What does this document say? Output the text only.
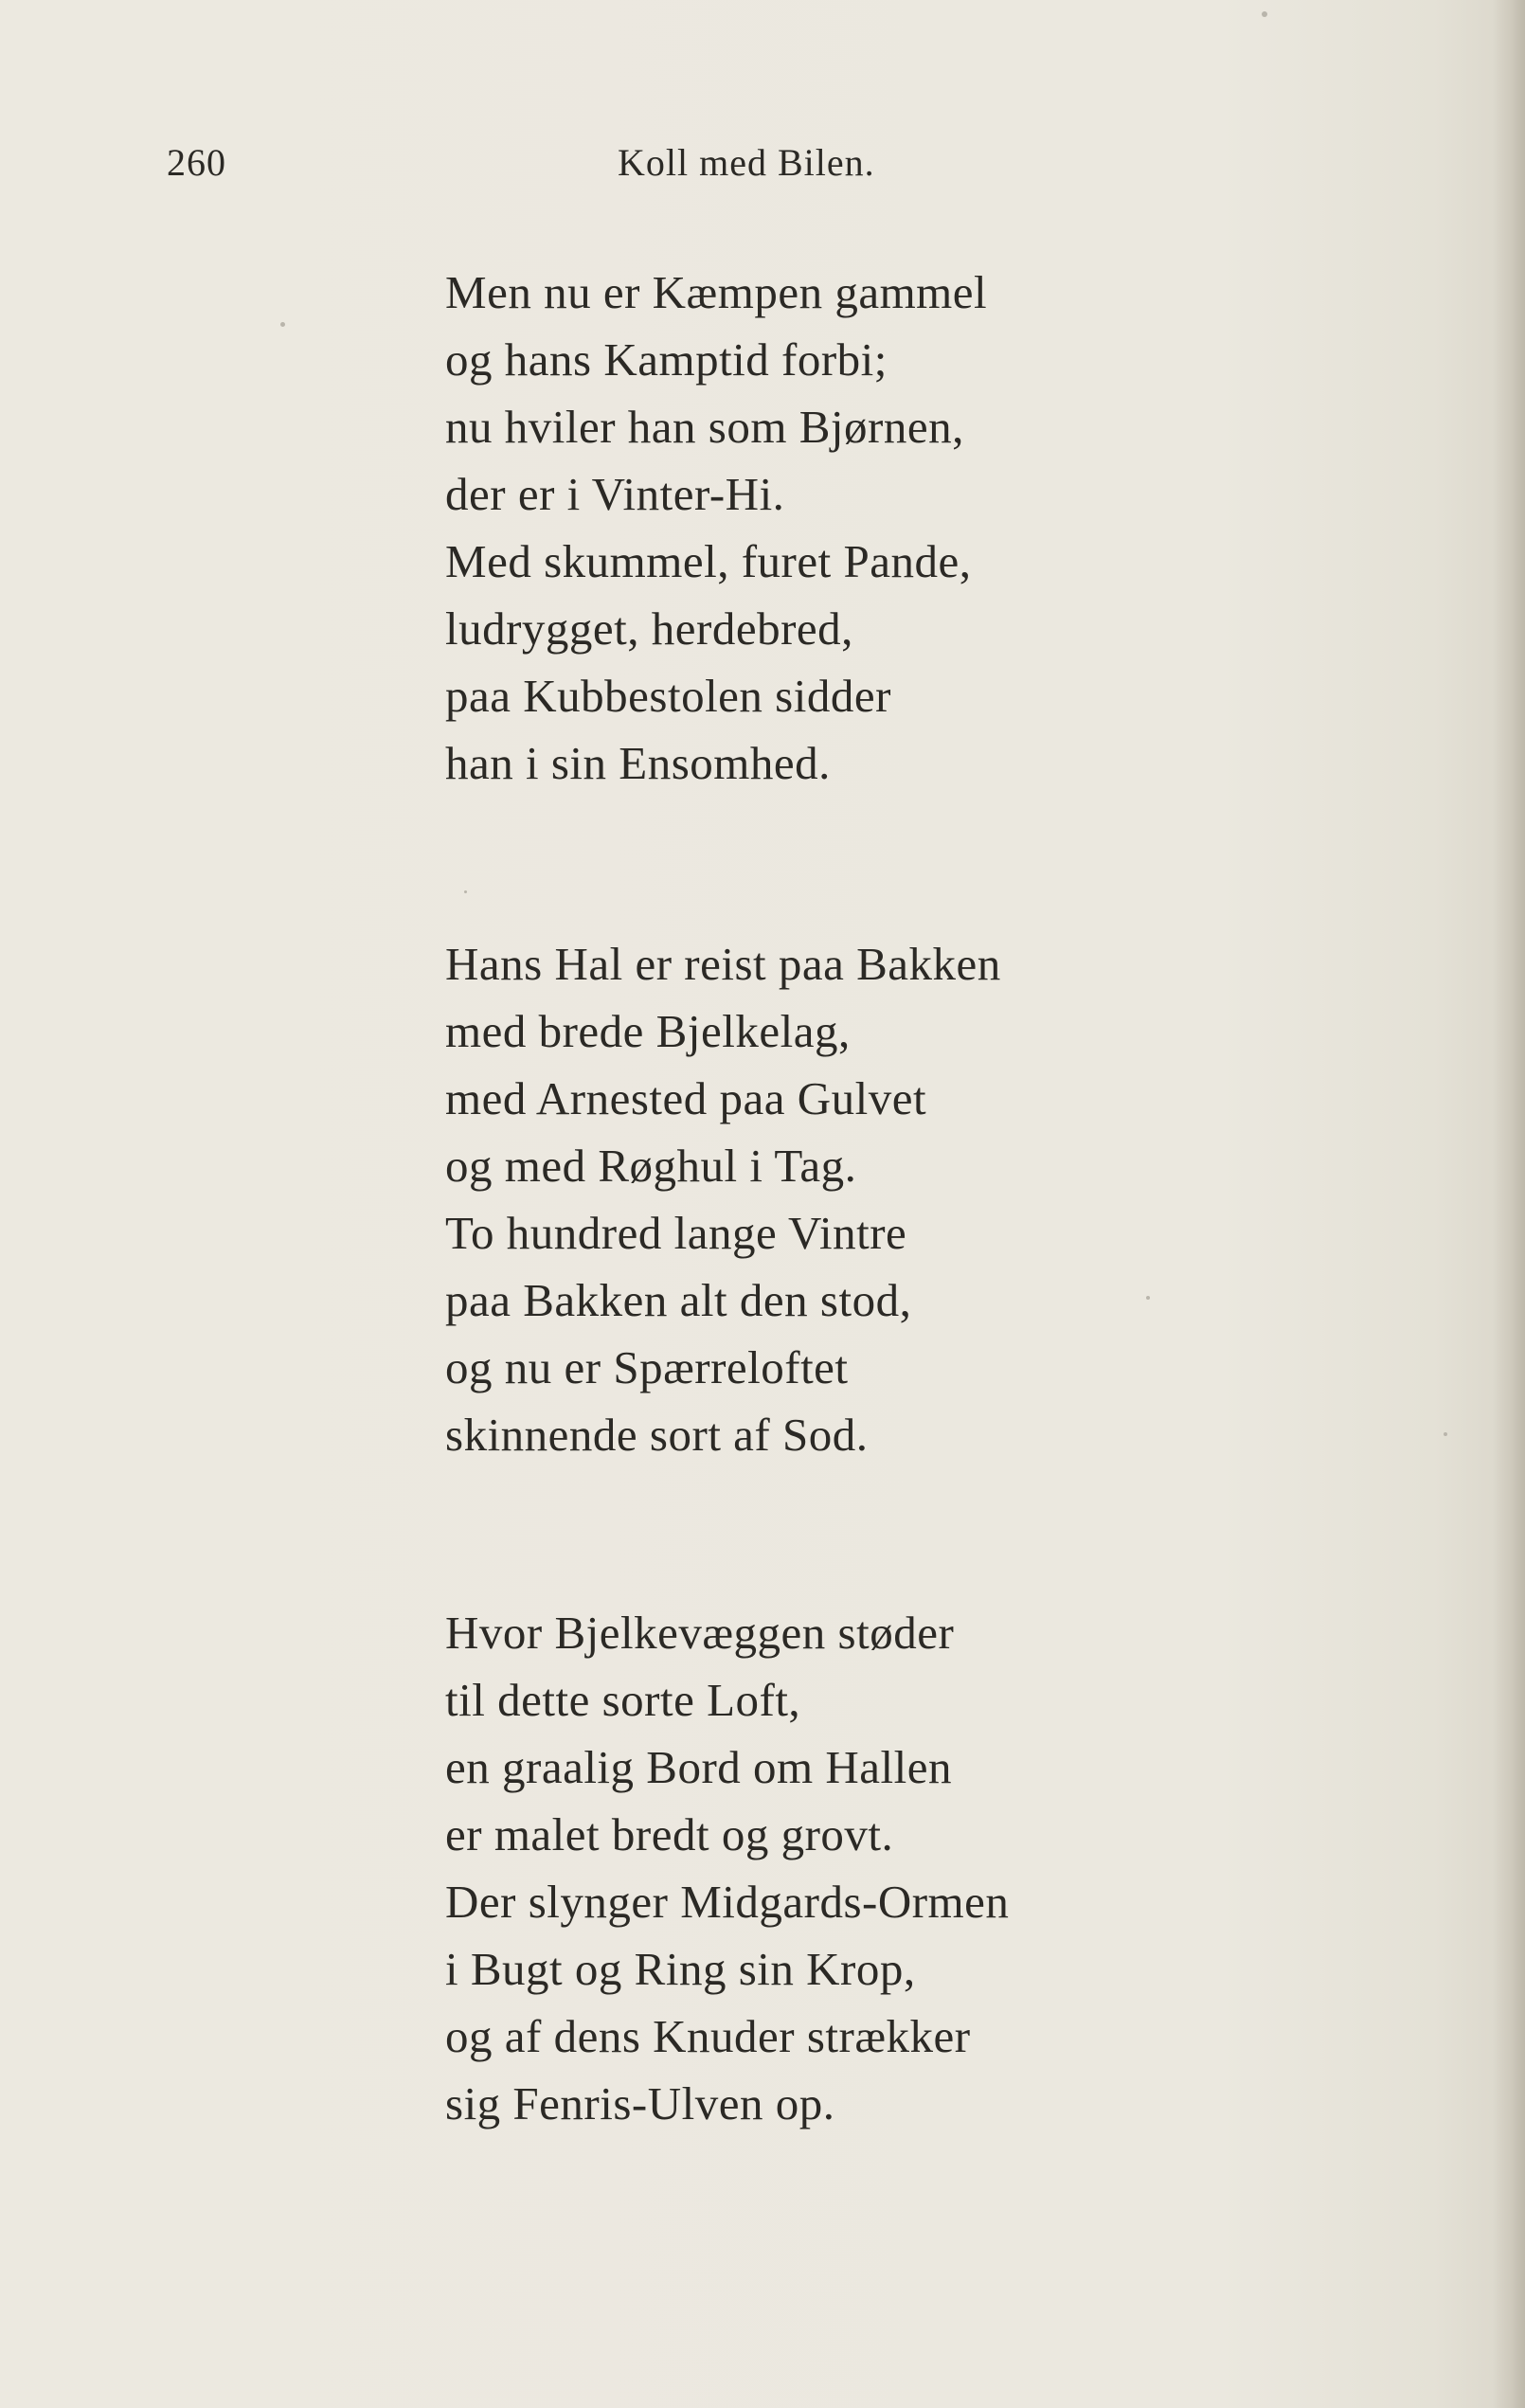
260	Koll med Bilen.
Men nu er Kæmpen gammel
og hans Kamptid forbi;
nu hviler han som Bjørnen,
der er i Vinter-Hi.
Med skummel, furet Pande,
ludrygget, herdebred,
paa Kubbestolen sidder
han i sin Ensomhed.
Hans Hal er reist paa Bakken
med brede Bjelkelag,
med Arnested paa Gulvet
og med Røghul i Tag.
To hundred lange Vintre
paa Bakken alt den stod,
og nu er Spærreloftet
skinnende sort af Sod.
Hvor Bjelkevæggen støder
til dette sorte Loft,
en graalig Bord om Hallen
er malet bredt og grovt.
Der slynger Midgards-Ormen
i Bugt og Ring sin Krop,
og af dens Knuder strækker
sig Fenris-Ulven op.
